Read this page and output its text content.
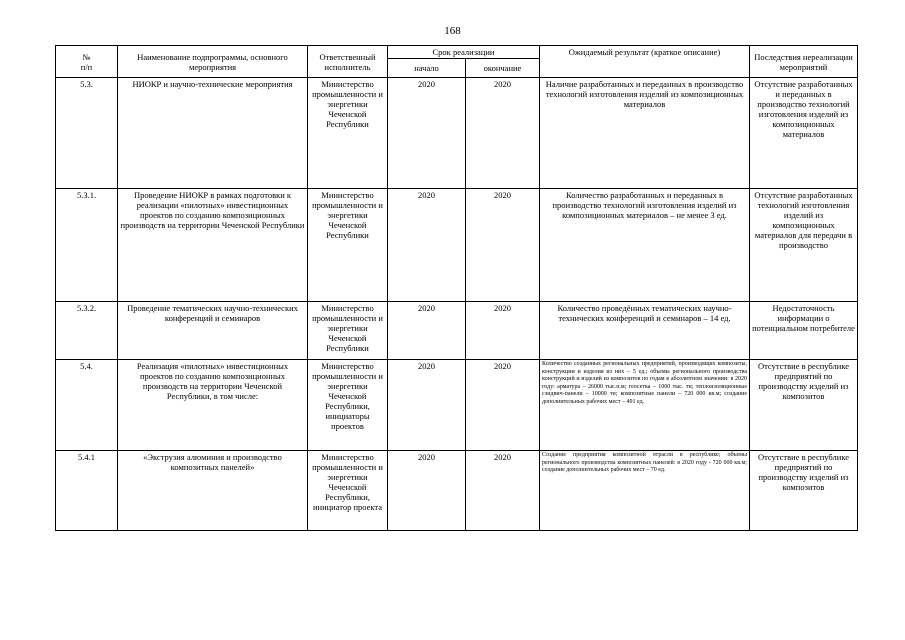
168
№
п/п	Наименование подпрограммы, основного мероприятия	Ответственный исполнитель	Срок реализации		Ожидаемый результат (краткое описание)	Последствия нереализации мероприятий
			начало	окончание		
5.3.	НИОКР и научно-технические мероприятия	Министерство промышленности и энергетики Чеченской Республики	2020	2020	Наличие разработанных и переданных в производство технологий изготовления изделий из композиционных материалов	Отсутствие разработанных и переданных в производство технологий изготовления изделий из композиционных материалов
5.3.1.	Проведение НИОКР в рамках подготовки к реализации «пилотных» инвестиционных проектов по созданию композиционных производств на территории Чеченской Республики	Министерство промышленности и энергетики Чеченской Республики	2020	2020	Количество разработанных и переданных в производство технологий изготовления изделий из композиционных материалов – не менее 3 ед.	Отсутствие разработанных технологий изготовления изделий из композиционных материалов для передачи в производство
5.3.2.	Проведение тематических научно-технических конференций и семинаров	Министерство промышленности и энергетики Чеченской Республики	2020	2020	Количество проведённых тематических научно-технических конференций и семинаров – 14 ед.	Недостаточность информации о потенциальном потребителе
5.4.	Реализация «пилотных» инвестиционных проектов по созданию композиционных производств на территории Чеченской Республики, в том числе:	Министерство промышленности и энергетики Чеченской Республики, инициаторы проектов	2020	2020	Количество созданных региональных предприятий, производящих композиты, конструкции и изделия из них – 5 ед.; объемы регионального производства конструкций и изделий из композитов по годам в абсолютном значении: в 2020 году: арматура – 26000 тыс.п.м; геосетка – 1000 тыс. тн; теплоизоляционные сэндвич-панели – 10000 тн; композитные панели – 720 000 кв.м; создание дополнительных рабочих мест – 491 ед.	Отсутствие в республике предприятий по производству изделий из композитов
5.4.1	«Экструзия алюминия и производство композитных панелей»	Министерство промышленности и энергетики Чеченской Республики, инициатор проекта	2020	2020	Создание предприятия композитной отрасли в республике; объемы регионального производства композитных панелей: в 2020 году - 720 000 кв.м; создание дополнительных рабочих мест – 70 ед.	Отсутствие в республике предприятий по производству изделий из композитов
